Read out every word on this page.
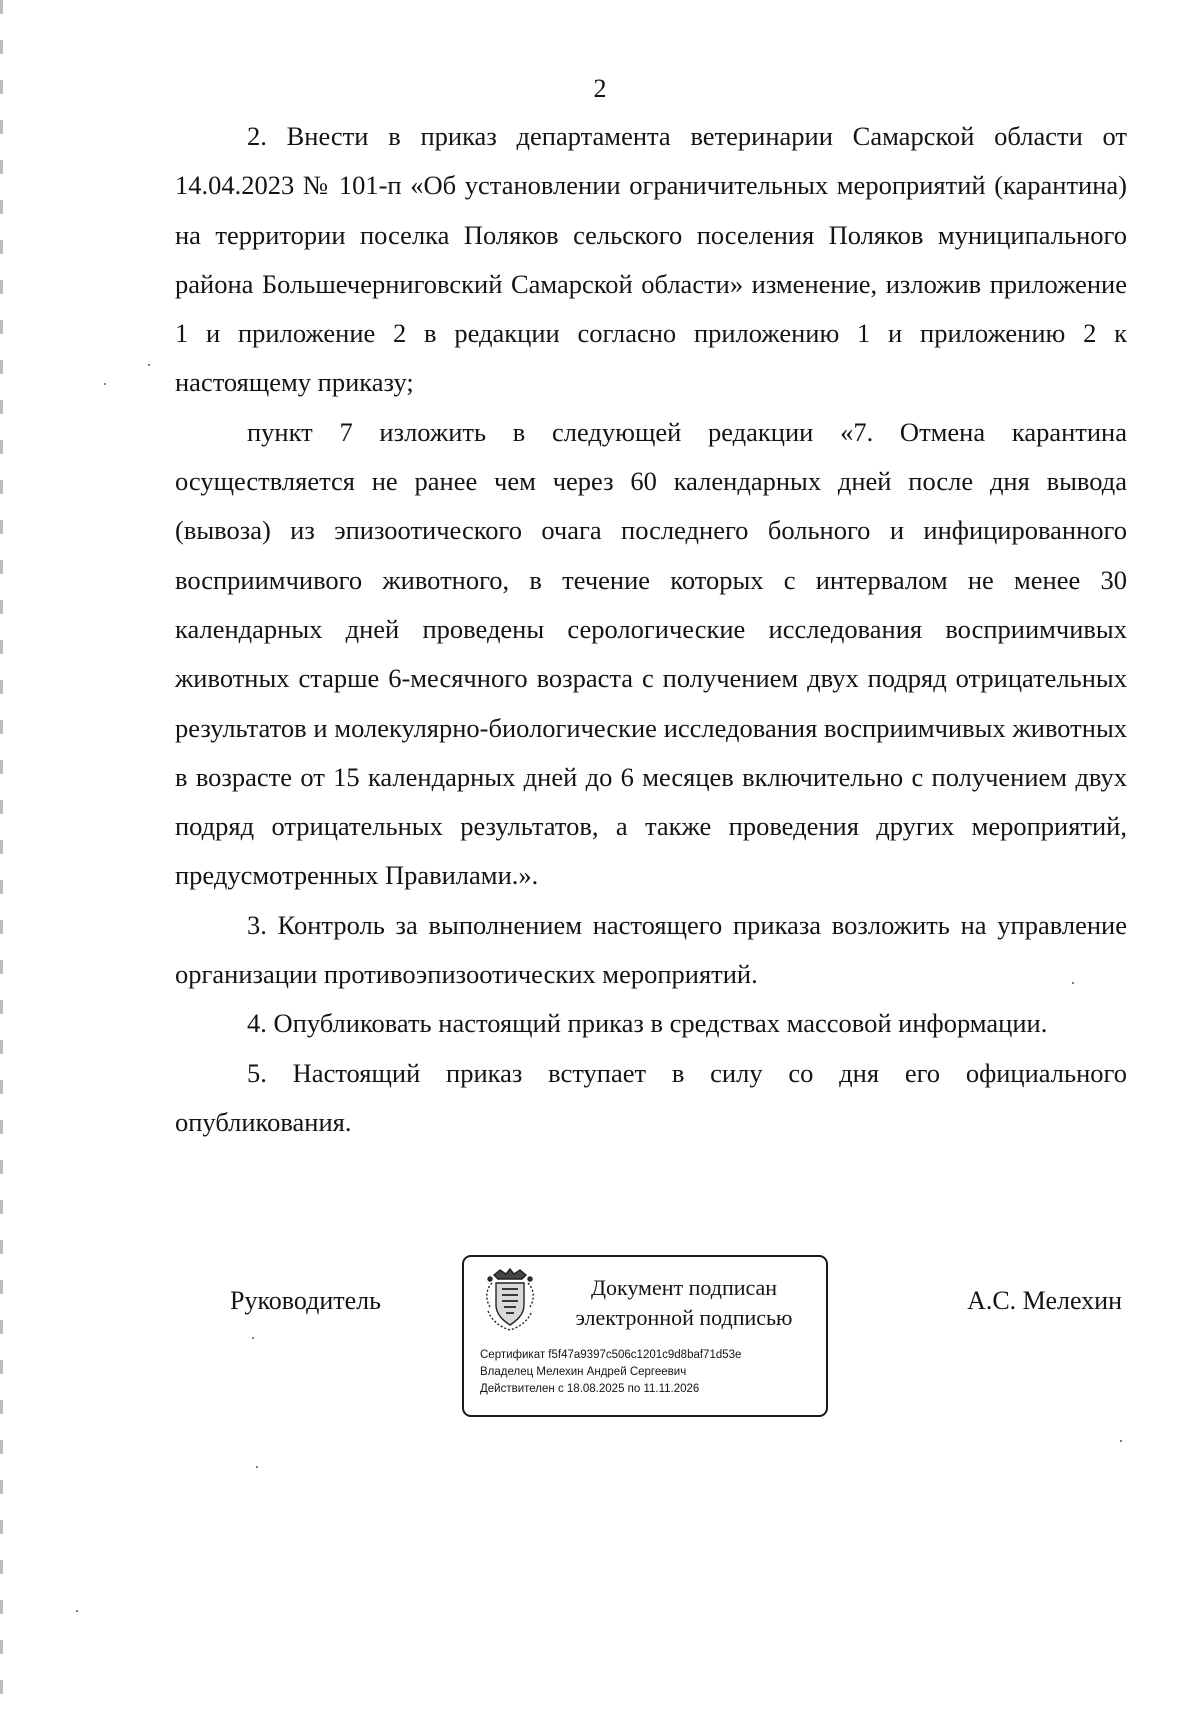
2

2. Внести в приказ департамента ветеринарии Самарской области от 14.04.2023 № 101-п «Об установлении ограничительных мероприятий (карантина) на территории поселка Поляков сельского поселения Поляков муниципального района Большечерниговский Самарской области» изменение, изложив приложение 1 и приложение 2 в редакции согласно приложению 1 и приложению 2 к настоящему приказу;

пункт 7 изложить в следующей редакции «7. Отмена карантина осуществляется не ранее чем через 60 календарных дней после дня вывода (вывоза) из эпизоотического очага последнего больного и инфицированного восприимчивого животного, в течение которых с интервалом не менее 30 календарных дней проведены серологические исследования восприимчивых животных старше 6-месячного возраста с получением двух подряд отрицательных результатов и молекулярно-биологические исследования восприимчивых животных в возрасте от 15 календарных дней до 6 месяцев включительно с получением двух подряд отрицательных результатов, а также проведения других мероприятий, предусмотренных Правилами.».

3. Контроль за выполнением настоящего приказа возложить на управление организации противоэпизоотических мероприятий.

4. Опубликовать настоящий приказ в средствах массовой информации.

5. Настоящий приказ вступает в силу со дня его официального опубликования.

Руководитель	Документ подписан
электронной подписью
Сертификат f5f47a9397c506c1201c9d8baf71d53e
Владелец Мелехин Андрей Сергеевич
Действителен с 18.08.2025 по 11.11.2026
А.С. Мелехин
